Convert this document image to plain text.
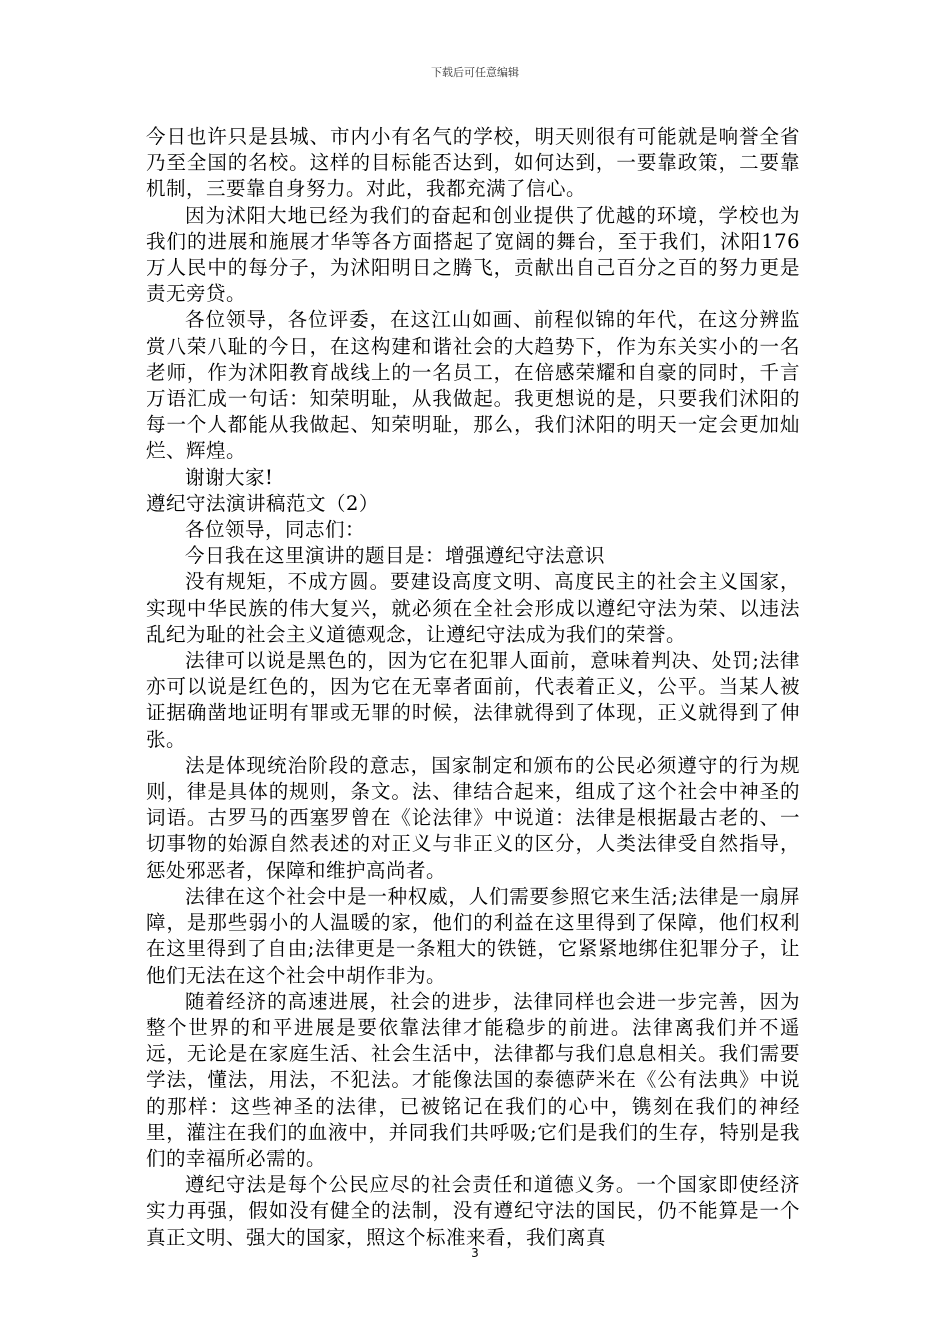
下载后可任意编辑

今日也许只是县城、市内小有名气的学校，明天则很有可能就是响誉全省乃至全国的名校。这样的目标能否达到，如何达到，一要靠政策，二要靠机制，三要靠自身努力。对此，我都充满了信心。

因为沭阳大地已经为我们的奋起和创业提供了优越的环境，学校也为我们的进展和施展才华等各方面搭起了宽阔的舞台，至于我们，沭阳176万人民中的每分子，为沭阳明日之腾飞，贡献出自己百分之百的努力更是责无旁贷。

各位领导，各位评委，在这江山如画、前程似锦的年代，在这分辨监赏八荣八耻的今日，在这构建和谐社会的大趋势下，作为东关实小的一名老师，作为沭阳教育战线上的一名员工，在倍感荣耀和自豪的同时，千言万语汇成一句话：知荣明耻，从我做起。我更想说的是，只要我们沭阳的每一个人都能从我做起、知荣明耻，那么，我们沭阳的明天一定会更加灿烂、辉煌。

谢谢大家!

遵纪守法演讲稿范文（2）

各位领导，同志们：

今日我在这里演讲的题目是：增强遵纪守法意识

没有规矩，不成方圆。要建设高度文明、高度民主的社会主义国家，实现中华民族的伟大复兴，就必须在全社会形成以遵纪守法为荣、以违法乱纪为耻的社会主义道德观念，让遵纪守法成为我们的荣誉。

法律可以说是黑色的，因为它在犯罪人面前，意味着判决、处罚;法律亦可以说是红色的，因为它在无辜者面前，代表着正义，公平。当某人被证据确凿地证明有罪或无罪的时候，法律就得到了体现，正义就得到了伸张。

法是体现统治阶段的意志，国家制定和颁布的公民必须遵守的行为规则，律是具体的规则，条文。法、律结合起来，组成了这个社会中神圣的词语。古罗马的西塞罗曾在《论法律》中说道：法律是根据最古老的、一切事物的始源自然表述的对正义与非正义的区分，人类法律受自然指导，惩处邪恶者，保障和维护高尚者。

法律在这个社会中是一种权威，人们需要参照它来生活;法律是一扇屏障，是那些弱小的人温暖的家，他们的利益在这里得到了保障，他们权利在这里得到了自由;法律更是一条粗大的铁链，它紧紧地绑住犯罪分子，让他们无法在这个社会中胡作非为。

随着经济的高速进展，社会的进步，法律同样也会进一步完善，因为整个世界的和平进展是要依靠法律才能稳步的前进。法律离我们并不遥远，无论是在家庭生活、社会生活中，法律都与我们息息相关。我们需要学法，懂法，用法，不犯法。才能像法国的泰德萨米在《公有法典》中说的那样：这些神圣的法律，已被铭记在我们的心中，镌刻在我们的神经里，灌注在我们的血液中，并同我们共呼吸;它们是我们的生存，特别是我们的幸福所必需的。

遵纪守法是每个公民应尽的社会责任和道德义务。一个国家即使经济实力再强，假如没有健全的法制，没有遵纪守法的国民，仍不能算是一个真正文明、强大的国家，照这个标准来看，我们离真

3
